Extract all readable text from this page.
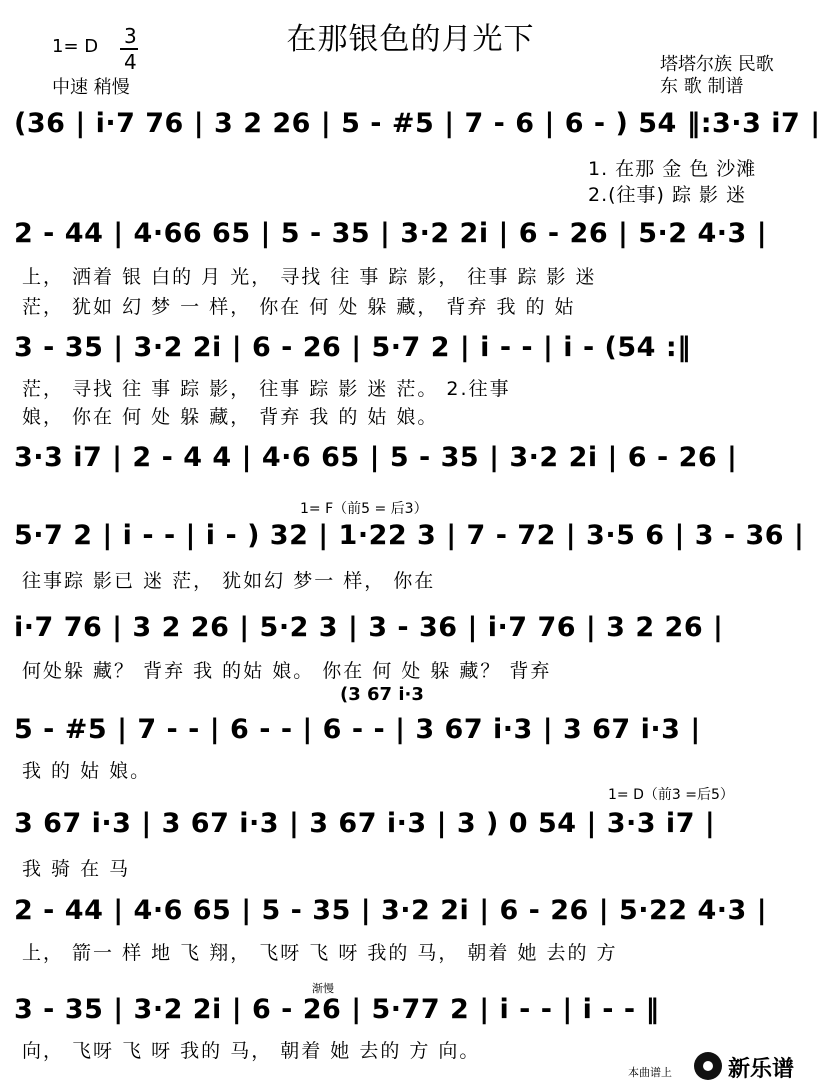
在那银色的月光下
1= D 3
4
中速 稍慢
塔塔尔族 民歌
东 歌 制谱
(36 | i·7 76 | 3 2 26 | 5 - #5 | 7 - 6 | 6 - ) 54 ‖:3·3 i7 |
1. 在那 金 色 沙滩
2.(往事) 踪 影 迷
2 - 44 | 4·66 65 | 5 - 35 | 3·2 2i | 6 - 26 | 5·2 4·3 |
上， 洒着 银 白的 月 光， 寻找 往 事 踪 影， 往事 踪 影 迷
茫， 犹如 幻 梦 一 样， 你在 何 处 躲 藏， 背弃 我 的 姑
3 - 35 | 3·2 2i | 6 - 26 | 5·7 2 | i - - | i - (54 :‖
茫， 寻找 往 事 踪 影， 往事 踪 影 迷 茫。 2.往事
娘， 你在 何 处 躲 藏， 背弃 我 的 姑 娘。
3·3 i7 | 2 - 4 4 | 4·6 65 | 5 - 35 | 3·2 2i | 6 - 26 |
1= F（前5 = 后3）
5·7 2 | i - - | i - ) 32 | 1·22 3 | 7 - 72 | 3·5 6 | 3 - 36 |
往事踪 影已 迷 茫， 犹如幻 梦一 样， 你在
i·7 76 | 3 2 26 | 5·2 3 | 3 - 36 | i·7 76 | 3 2 26 |
何处躲 藏？ 背弃 我 的姑 娘。 你在 何 处 躲 藏？ 背弃
(3 67 i·3
5 - #5 | 7 - - | 6 - - | 6 - - | 3 67 i·3 | 3 67 i·3 |
我 的 姑 娘。
1= D（前3 =后5）
3 67 i·3 | 3 67 i·3 | 3 67 i·3 | 3 ) 0 54 | 3·3 i7 |
我 骑 在 马
2 - 44 | 4·6 65 | 5 - 35 | 3·2 2i | 6 - 26 | 5·22 4·3 |
上， 箭一 样 地 飞 翔， 飞呀 飞 呀 我的 马， 朝着 她 去的 方
渐慢
3 - 35 | 3·2 2i | 6 - 26 | 5·77 2 | i - - | i - - ‖
向， 飞呀 飞 呀 我的 马， 朝着 她 去的 方 向。
本曲谱上	新乐谱
